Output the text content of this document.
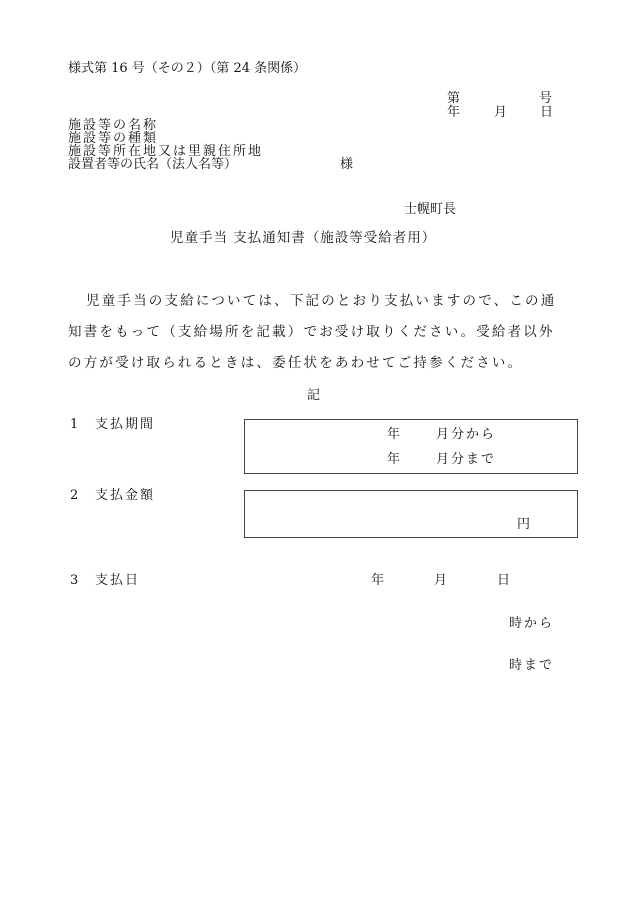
様式第 16 号（その２）（第 24 条関係）
第	号
年	月	日
施設等の名称
施設等の種類
施設等所在地又は里親住所地
設置者等の氏名（法人名等）	様
士幌町長
児童手当 支払通知書（施設等受給者用）
児童手当の支給については、下記のとおり支払いますので、この通知書をもって（支給場所を記載）でお受け取りください。受給者以外の方が受け取られるときは、委任状をあわせてご持参ください。
記
1 支払期間
年	月分から
年	月分まで
2 支払金額
円
3 支払日	年	月	日
時から
時まで
